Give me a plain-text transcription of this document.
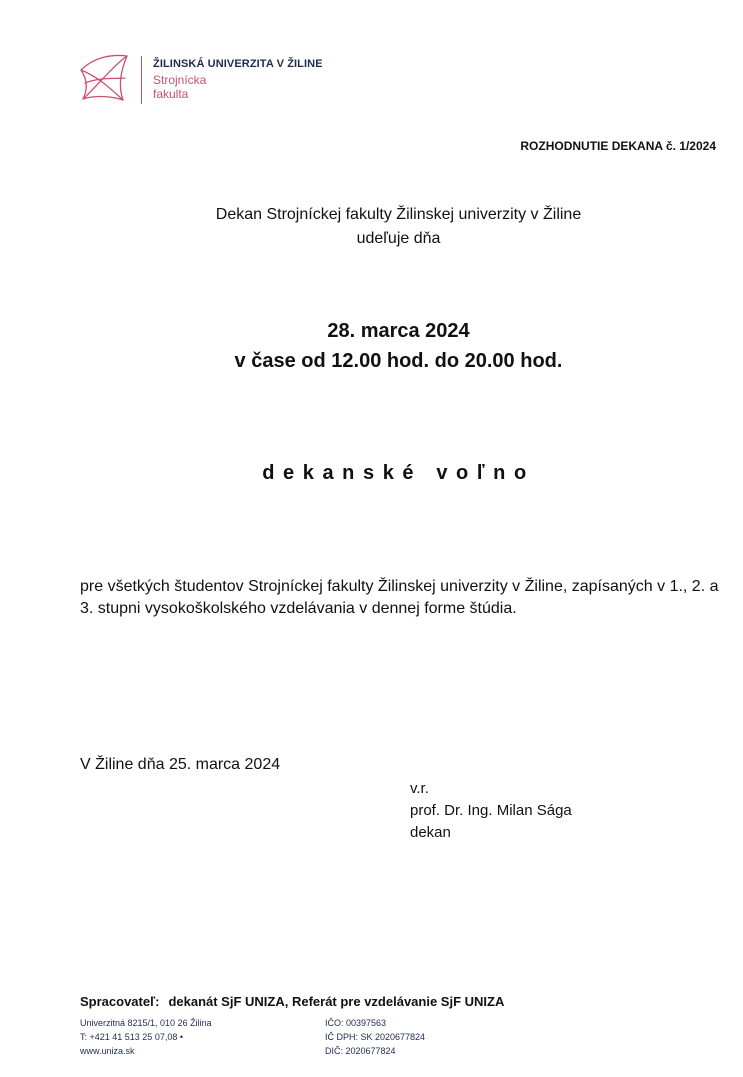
ŽILINSKÁ UNIVERZITA V ŽILINE
Strojnícka
fakulta
ROZHODNUTIE DEKANA č. 1/2024
Dekan Strojníckej fakulty Žilinskej univerzity v Žiline
udeľuje dňa
28. marca 2024
v čase od 12.00 hod. do 20.00 hod.
dekanské voľno
pre všetkých študentov Strojníckej fakulty Žilinskej univerzity v Žiline, zapísaných v 1., 2. a 3. stupni vysokoškolského vzdelávania v dennej forme štúdia.
V Žiline dňa 25. marca 2024
v.r.
prof. Dr. Ing. Milan Sága
dekan
Spracovateľ: dekanát SjF UNIZA, Referát pre vzdelávanie SjF UNIZA
Univerzitná 8215/1, 010 26 Žilina
T: +421 41 513 25 07,08 •
www.uniza.sk
IČO: 00397563
IČ DPH: SK 2020677824
DIČ: 2020677824
